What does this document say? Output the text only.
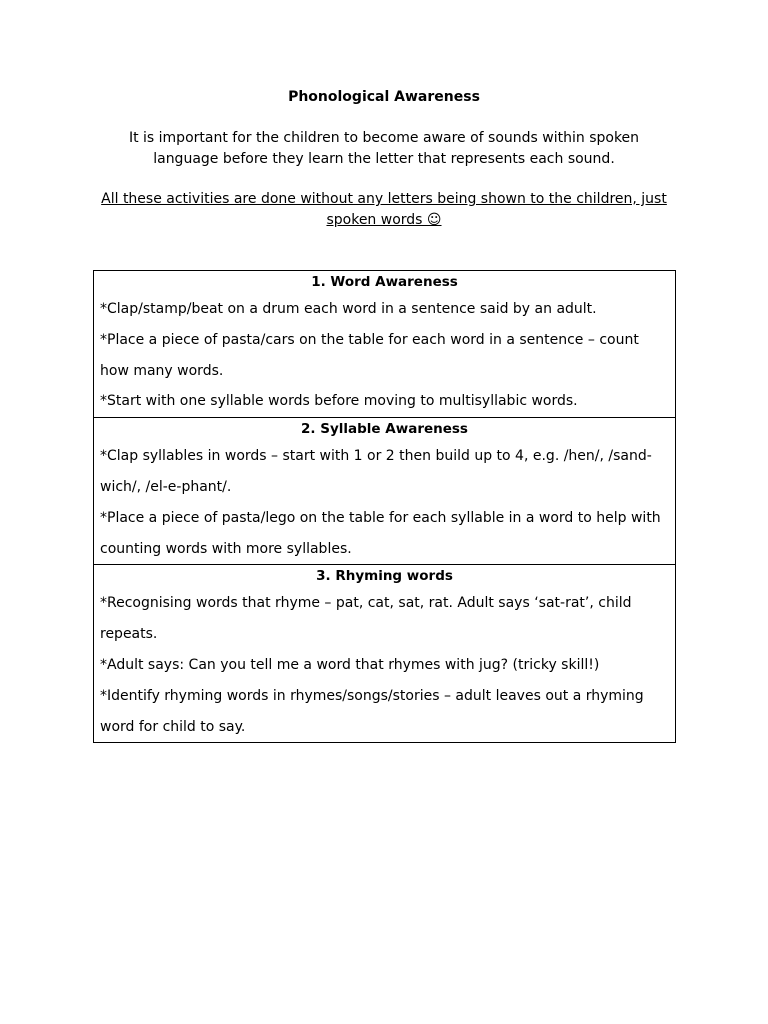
Phonological Awareness
It is important for the children to become aware of sounds within spoken language before they learn the letter that represents each sound.
All these activities are done without any letters being shown to the children, just spoken words ☺
1. Word Awareness
*Clap/stamp/beat on a drum each word in a sentence said by an adult.
*Place a piece of pasta/cars on the table for each word in a sentence – count how many words.
*Start with one syllable words before moving to multisyllabic words.
2. Syllable Awareness
*Clap syllables in words – start with 1 or 2 then build up to 4, e.g. /hen/, /sand-wich/, /el-e-phant/.
*Place a piece of pasta/lego on the table for each syllable in a word to help with counting words with more syllables.
3. Rhyming words
*Recognising words that rhyme – pat, cat, sat, rat. Adult says ‘sat-rat’, child repeats.
*Adult says: Can you tell me a word that rhymes with jug? (tricky skill!)
*Identify rhyming words in rhymes/songs/stories – adult leaves out a rhyming word for child to say.
